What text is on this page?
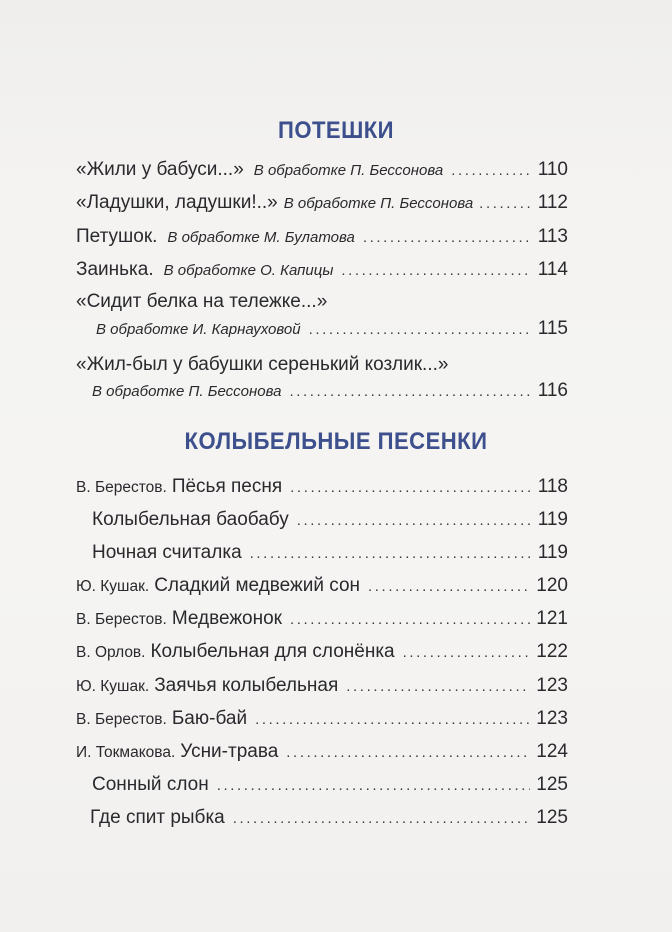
ПОТЕШКИ
«Жили у бабуси...» В обработке П. Бессонова .....	110
«Ладушки, ладушки!..» В обработке П. Бессонова .....	112
Петушок. В обработке М. Булатова .....	113
Заинька. В обработке О. Капицы .....	114
«Сидит белка на тележке...»
В обработке И. Карнауховой .....	115
«Жил-был у бабушки серенький козлик...»
В обработке П. Бессонова .....	116
КОЛЫБЕЛЬНЫЕ ПЕСЕНКИ
В. Берестов. Пёсья песня .....	118
Колыбельная баобабу .....	119
Ночная считалка .....	119
Ю. Кушак. Сладкий медвежий сон .....	120
В. Берестов. Медвежонок .....	121
В. Орлов. Колыбельная для слонёнка .....	122
Ю. Кушак. Заячья колыбельная .....	123
В. Берестов. Баю-бай .....	123
И. Токмакова. Усни-трава .....	124
Сонный слон .....	125
Где спит рыбка .....	125
